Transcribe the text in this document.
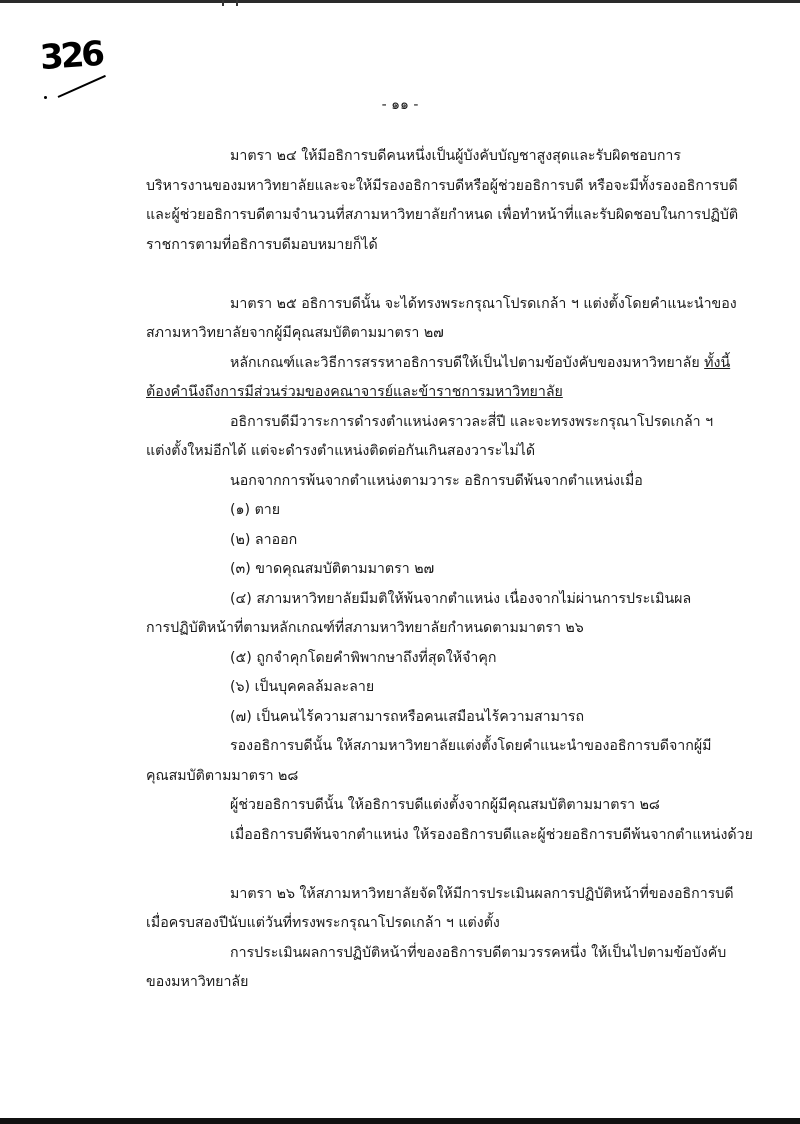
326
- ๑๑ -
มาตรา ๒๔ ให้มีอธิการบดีคนหนึ่งเป็นผู้บังคับบัญชาสูงสุดและรับผิดชอบการ
บริหารงานของมหาวิทยาลัยและจะให้มีรองอธิการบดีหรือผู้ช่วยอธิการบดี หรือจะมีทั้งรองอธิการบดี
และผู้ช่วยอธิการบดีตามจำนวนที่สภามหาวิทยาลัยกำหนด เพื่อทำหน้าที่และรับผิดชอบในการปฏิบัติ
ราชการตามที่อธิการบดีมอบหมายก็ได้
มาตรา ๒๕ อธิการบดีนั้น จะได้ทรงพระกรุณาโปรดเกล้า ฯ แต่งตั้งโดยคำแนะนำของ
สภามหาวิทยาลัยจากผู้มีคุณสมบัติตามมาตรา ๒๗
หลักเกณฑ์และวิธีการสรรหาอธิการบดีให้เป็นไปตามข้อบังคับของมหาวิทยาลัย ทั้งนี้
ต้องคำนึงถึงการมีส่วนร่วมของคณาจารย์และข้าราชการมหาวิทยาลัย
อธิการบดีมีวาระการดำรงตำแหน่งคราวละสี่ปี และจะทรงพระกรุณาโปรดเกล้า ฯ
แต่งตั้งใหม่อีกได้ แต่จะดำรงตำแหน่งติดต่อกันเกินสองวาระไม่ได้
นอกจากการพ้นจากตำแหน่งตามวาระ อธิการบดีพ้นจากตำแหน่งเมื่อ
(๑) ตาย
(๒) ลาออก
(๓) ขาดคุณสมบัติตามมาตรา ๒๗
(๔) สภามหาวิทยาลัยมีมติให้พ้นจากตำแหน่ง เนื่องจากไม่ผ่านการประเมินผล
การปฏิบัติหน้าที่ตามหลักเกณฑ์ที่สภามหาวิทยาลัยกำหนดตามมาตรา ๒๖
(๕) ถูกจำคุกโดยคำพิพากษาถึงที่สุดให้จำคุก
(๖) เป็นบุคคลล้มละลาย
(๗) เป็นคนไร้ความสามารถหรือคนเสมือนไร้ความสามารถ
รองอธิการบดีนั้น ให้สภามหาวิทยาลัยแต่งตั้งโดยคำแนะนำของอธิการบดีจากผู้มี
คุณสมบัติตามมาตรา ๒๘
ผู้ช่วยอธิการบดีนั้น ให้อธิการบดีแต่งตั้งจากผู้มีคุณสมบัติตามมาตรา ๒๘
เมื่ออธิการบดีพ้นจากตำแหน่ง ให้รองอธิการบดีและผู้ช่วยอธิการบดีพ้นจากตำแหน่งด้วย
มาตรา ๒๖ ให้สภามหาวิทยาลัยจัดให้มีการประเมินผลการปฏิบัติหน้าที่ของอธิการบดี
เมื่อครบสองปีนับแต่วันที่ทรงพระกรุณาโปรดเกล้า ฯ แต่งตั้ง
การประเมินผลการปฏิบัติหน้าที่ของอธิการบดีตามวรรคหนึ่ง ให้เป็นไปตามข้อบังคับ
ของมหาวิทยาลัย
